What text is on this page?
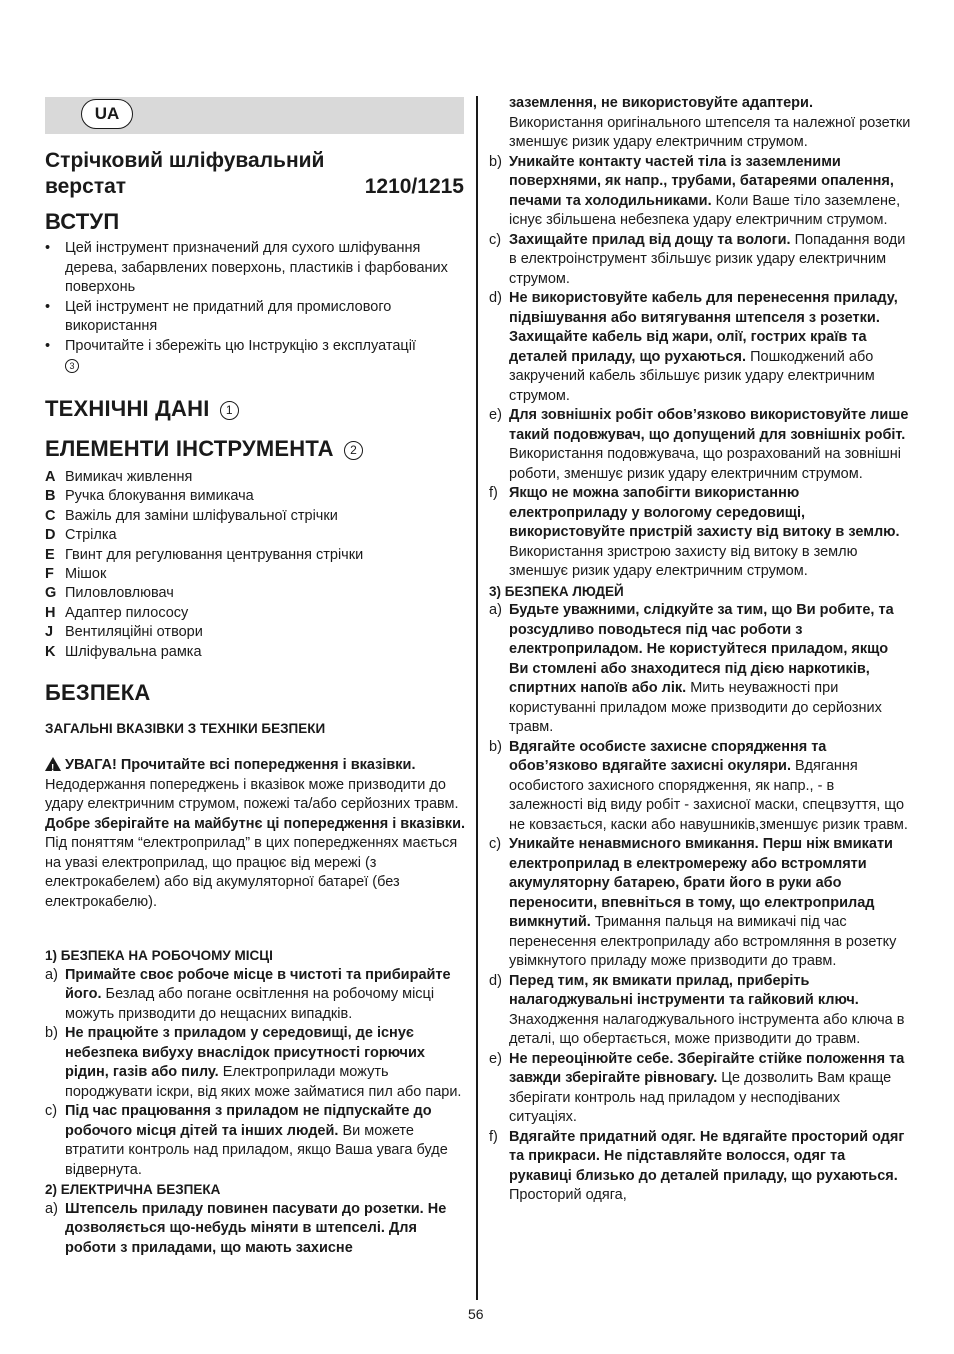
UA
Стрічковий шліфувальний
верстат	1210/1215
ВСТУП
• Цей інструмент призначений для сухого шліфування дерева, забарвлених поверхонь, пластиків і фарбованих поверхонь
• Цей інструмент не придатний для промислового використання
• Прочитайте і збережіть цю Інструкцію з експлуатації
3
ТЕХНІЧНІ ДАНІ 1
ЕЛЕМЕНТИ ІНСТРУМЕНТА 2
A Вимикач живлення
B Ручка блокування вимикача
C Важіль для заміни шліфувальної стрічки
D Стрілка
E Гвинт для регулювання центрування стрічки
F Мішок
G Пиловловлювач
H Адаптер пилососу
J Вентиляційні отвори
K Шліфувальна рамка
БЕЗПЕКА
ЗАГАЛЬНІ ВКАЗІВКИ З ТЕХНІКИ БЕЗПЕКИ
!УВАГА! Прочитайте всі попередження і вказівки. Недодержання попереджень і вказівок може призводити до удару електричним струмом, пожежі та/або серйозних травм. Добре зберігайте на майбутнє ці попередження і вказівки. Під поняттям “електроприлад” в цих попередженнях мається на увазі електроприлад, що працює від мережі (з електрокабелем) або від акумуляторної батареї (без електрокабелю).
1) БЕЗПЕКА НА РОБОЧОМУ МІСЦІ
a) Примайте своє робоче місце в чистоті та прибирайте його. Безлад або погане освітлення на робочому місці можуть призводити до нещасних випадків.
b) Не працюйте з приладом у середовищі, де існує небезпека вибуху внаслідок присутності горючих рідин, газів або пилу. Електроприлади можуть породжувати іскри, від яких може займатися пил або пари.
c) Під час працювання з приладом не підпускайте до робочого місця дітей та інших людей. Ви можете втратити контроль над приладом, якщо Ваша увага буде відвернута.
2) ЕЛЕКТРИЧНА БЕЗПЕКА
a) Штепсель приладу повинен пасувати до розетки. Не дозволяється що-небудь міняти в штепселі. Для роботи з приладами, що мають захисне
заземлення, не використовуйте адаптери. Використання оригінального штепселя та належної розетки зменшує ризик удару електричним струмом.
b) Уникайте контакту частей тіла із заземленими поверхнями, як напр., трубами, батареями опалення, печами та холодильниками. Коли Ваше тіло заземлене, існує збільшена небезпека удару електричним струмом.
c) Захищайте прилад від дощу та вологи. Попадання води в електроінструмент збільшує ризик удару електричним струмом.
d) Не використовуйте кабель для перенесення приладу, підвішування або витягування штепселя з розетки. Захищайте кабель від жари, олії, гострих країв та деталей приладу, що рухаються. Пошкоджений або закручений кабель збільшує ризик удару електричним струмом.
e) Для зовнішніх робіт обов’язково використовуйте лише такий подовжувач, що допущений для зовнішніх робіт. Використання подовжувача, що розрахований на зовнішні роботи, зменшує ризик удару електричним струмом.
f) Якщо не можна запобігти використанню електроприладу у вологому середовищі, використовуйте пристрій захисту від витоку в землю. Використання зристрою захисту від витоку в землю зменшує ризик удару електричним струмом.
3) БЕЗПЕКА ЛЮДЕЙ
a) Будьте уважними, слідкуйте за тим, що Ви робите, та розсудливо поводьтеся під час роботи з електроприладом. Не користуйтеся приладом, якщо Ви стомлені або знаходитеся під дією наркотиків, спиртних напоїв або лік. Мить неуважності при користуванні приладом може призводити до серйозних травм.
b) Вдягайте особисте захисне спорядження та обов’язково вдягайте захисні окуляри. Вдягання особистого захисного спорядження, як напр., - в залежності від виду робіт - захисної маски, спецвзуття, що не ковзається, каски або навушників,зменшує ризик травм.
c) Уникайте ненавмисного вмикання. Перш ніж вмикати електроприлад в електромережу або встромляти акумуляторну батарею, брати його в руки або переносити, впевніться в тому, що електроприлад вимкнутий. Тримання пальця на вимикачі під час перенесення електроприладу або встромляння в розетку увімкнутого приладу може призводити до травм.
d) Перед тим, як вмикати прилад, приберіть налагоджувальні інструменти та гайковий ключ. Знаходження налагоджувального інструмента або ключа в деталі, що обертається, може призводити до травм.
e) Не переоцінюйте себе. Зберігайте стійке положення та завжди зберігайте рівновагу. Це дозволить Вам краще зберігати контроль над приладом у несподіваних ситуаціях.
f) Вдягайте придатний одяг. Не вдягайте просторий одяг та прикраси. Не підставляйте волосся, одяг та рукавиці близько до деталей приладу, що рухаються. Просторий одяга,
56
